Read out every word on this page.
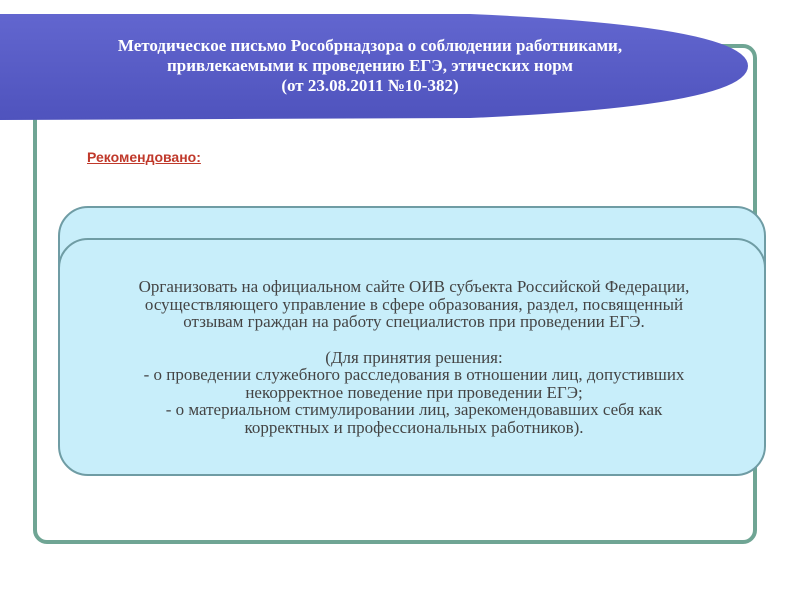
Методическое письмо Рособрнадзора о соблюдении работниками,
привлекаемыми к проведению ЕГЭ, этических норм
(от 23.08.2011 №10-382)
Рекомендовано:
Организовать на официальном сайте ОИВ субъекта Российской Федерации,
осуществляющего управление в сфере образования, раздел, посвященный
отзывам граждан на работу специалистов при проведении ЕГЭ.
(Для принятия решения:
- о проведении служебного расследования в отношении лиц, допустивших
некорректное поведение при проведении ЕГЭ;
- о материальном стимулировании лиц, зарекомендовавших себя как
корректных и профессиональных работников).
